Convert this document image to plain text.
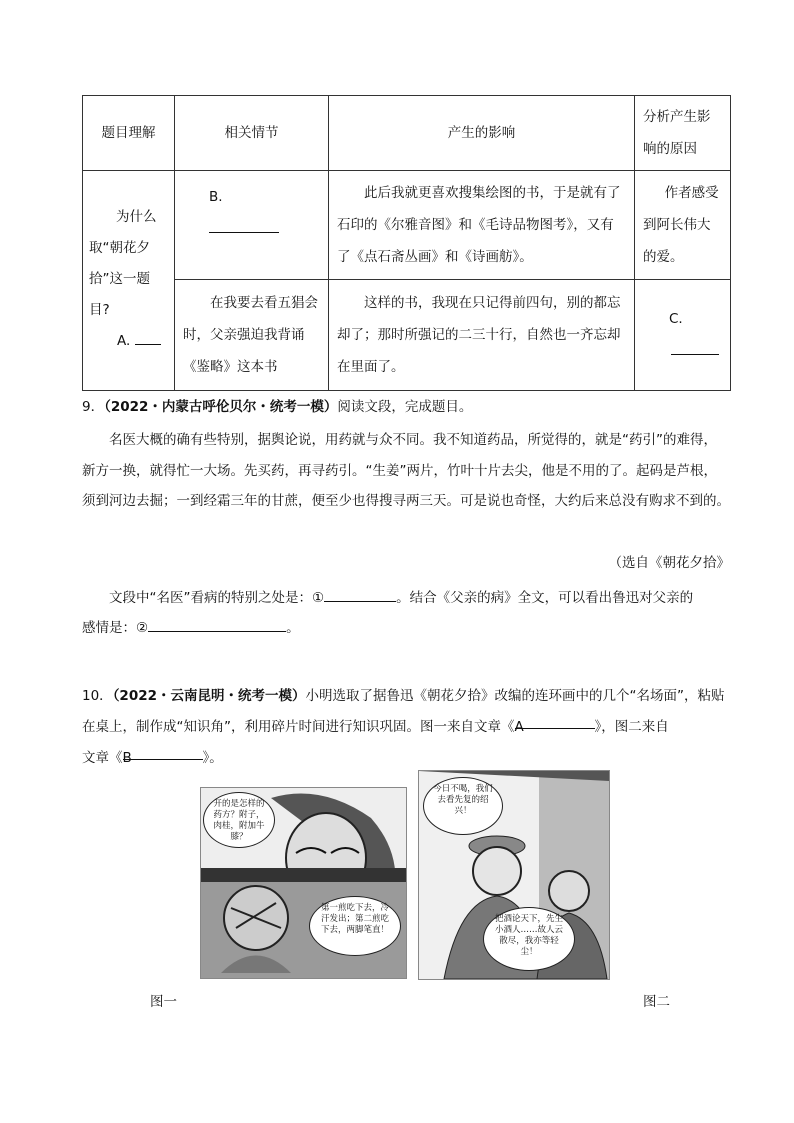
题目理解	相关情节	产生的影响	分析产生影响的原因

为什么取“朝花夕拾”这一题目?
A.	B.	此后我就更喜欢搜集绘图的书，于是就有了石印的《尔雅音图》和《毛诗品物图考》，又有了《点石斋丛画》和《诗画舫》。	作者感受到阿长伟大的爱。
	在我要去看五猖会时，父亲强迫我背诵《鉴略》这本书	这样的书，我现在只记得前四句，别的都忘却了；那时所强记的二三十行，自然也一齐忘却在里面了。	C.
9．（2022・内蒙古呼伦贝尔・统考一模）阅读文段，完成题目。
名医大概的确有些特别，据舆论说，用药就与众不同。我不知道药品，所觉得的，就是“药引”的难得，新方一换，就得忙一大场。先买药，再寻药引。“生姜”两片，竹叶十片去尖，他是不用的了。起码是芦根，须到河边去掘；一到经霜三年的甘蔗，便至少也得搜寻两三天。可是说也奇怪，大约后来总没有购求不到的。
（选自《朝花夕拾》
文段中“名医”看病的特别之处是：①	。结合《父亲的病》全文，可以看出鲁迅对父亲的
感情是：②	。
10．（2022・云南昆明・统考一模）小明选取了据鲁迅《朝花夕拾》改编的连环画中的几个“名场面”，粘贴在桌上，制作成“知识角”，利用碎片时间进行知识巩固。图一来自文章《A	》，图二来自
文章《B	》。
开的是怎样的药方？附子，肉桂，附加牛膝？
第一煎吃下去，冷汗发出；第二煎吃下去，两脚笔直！
今日不喝，我们去看先复的绍兴！
把酒论天下，先生小酒人……故人云散尽，我亦等轻尘！
图一	图二
